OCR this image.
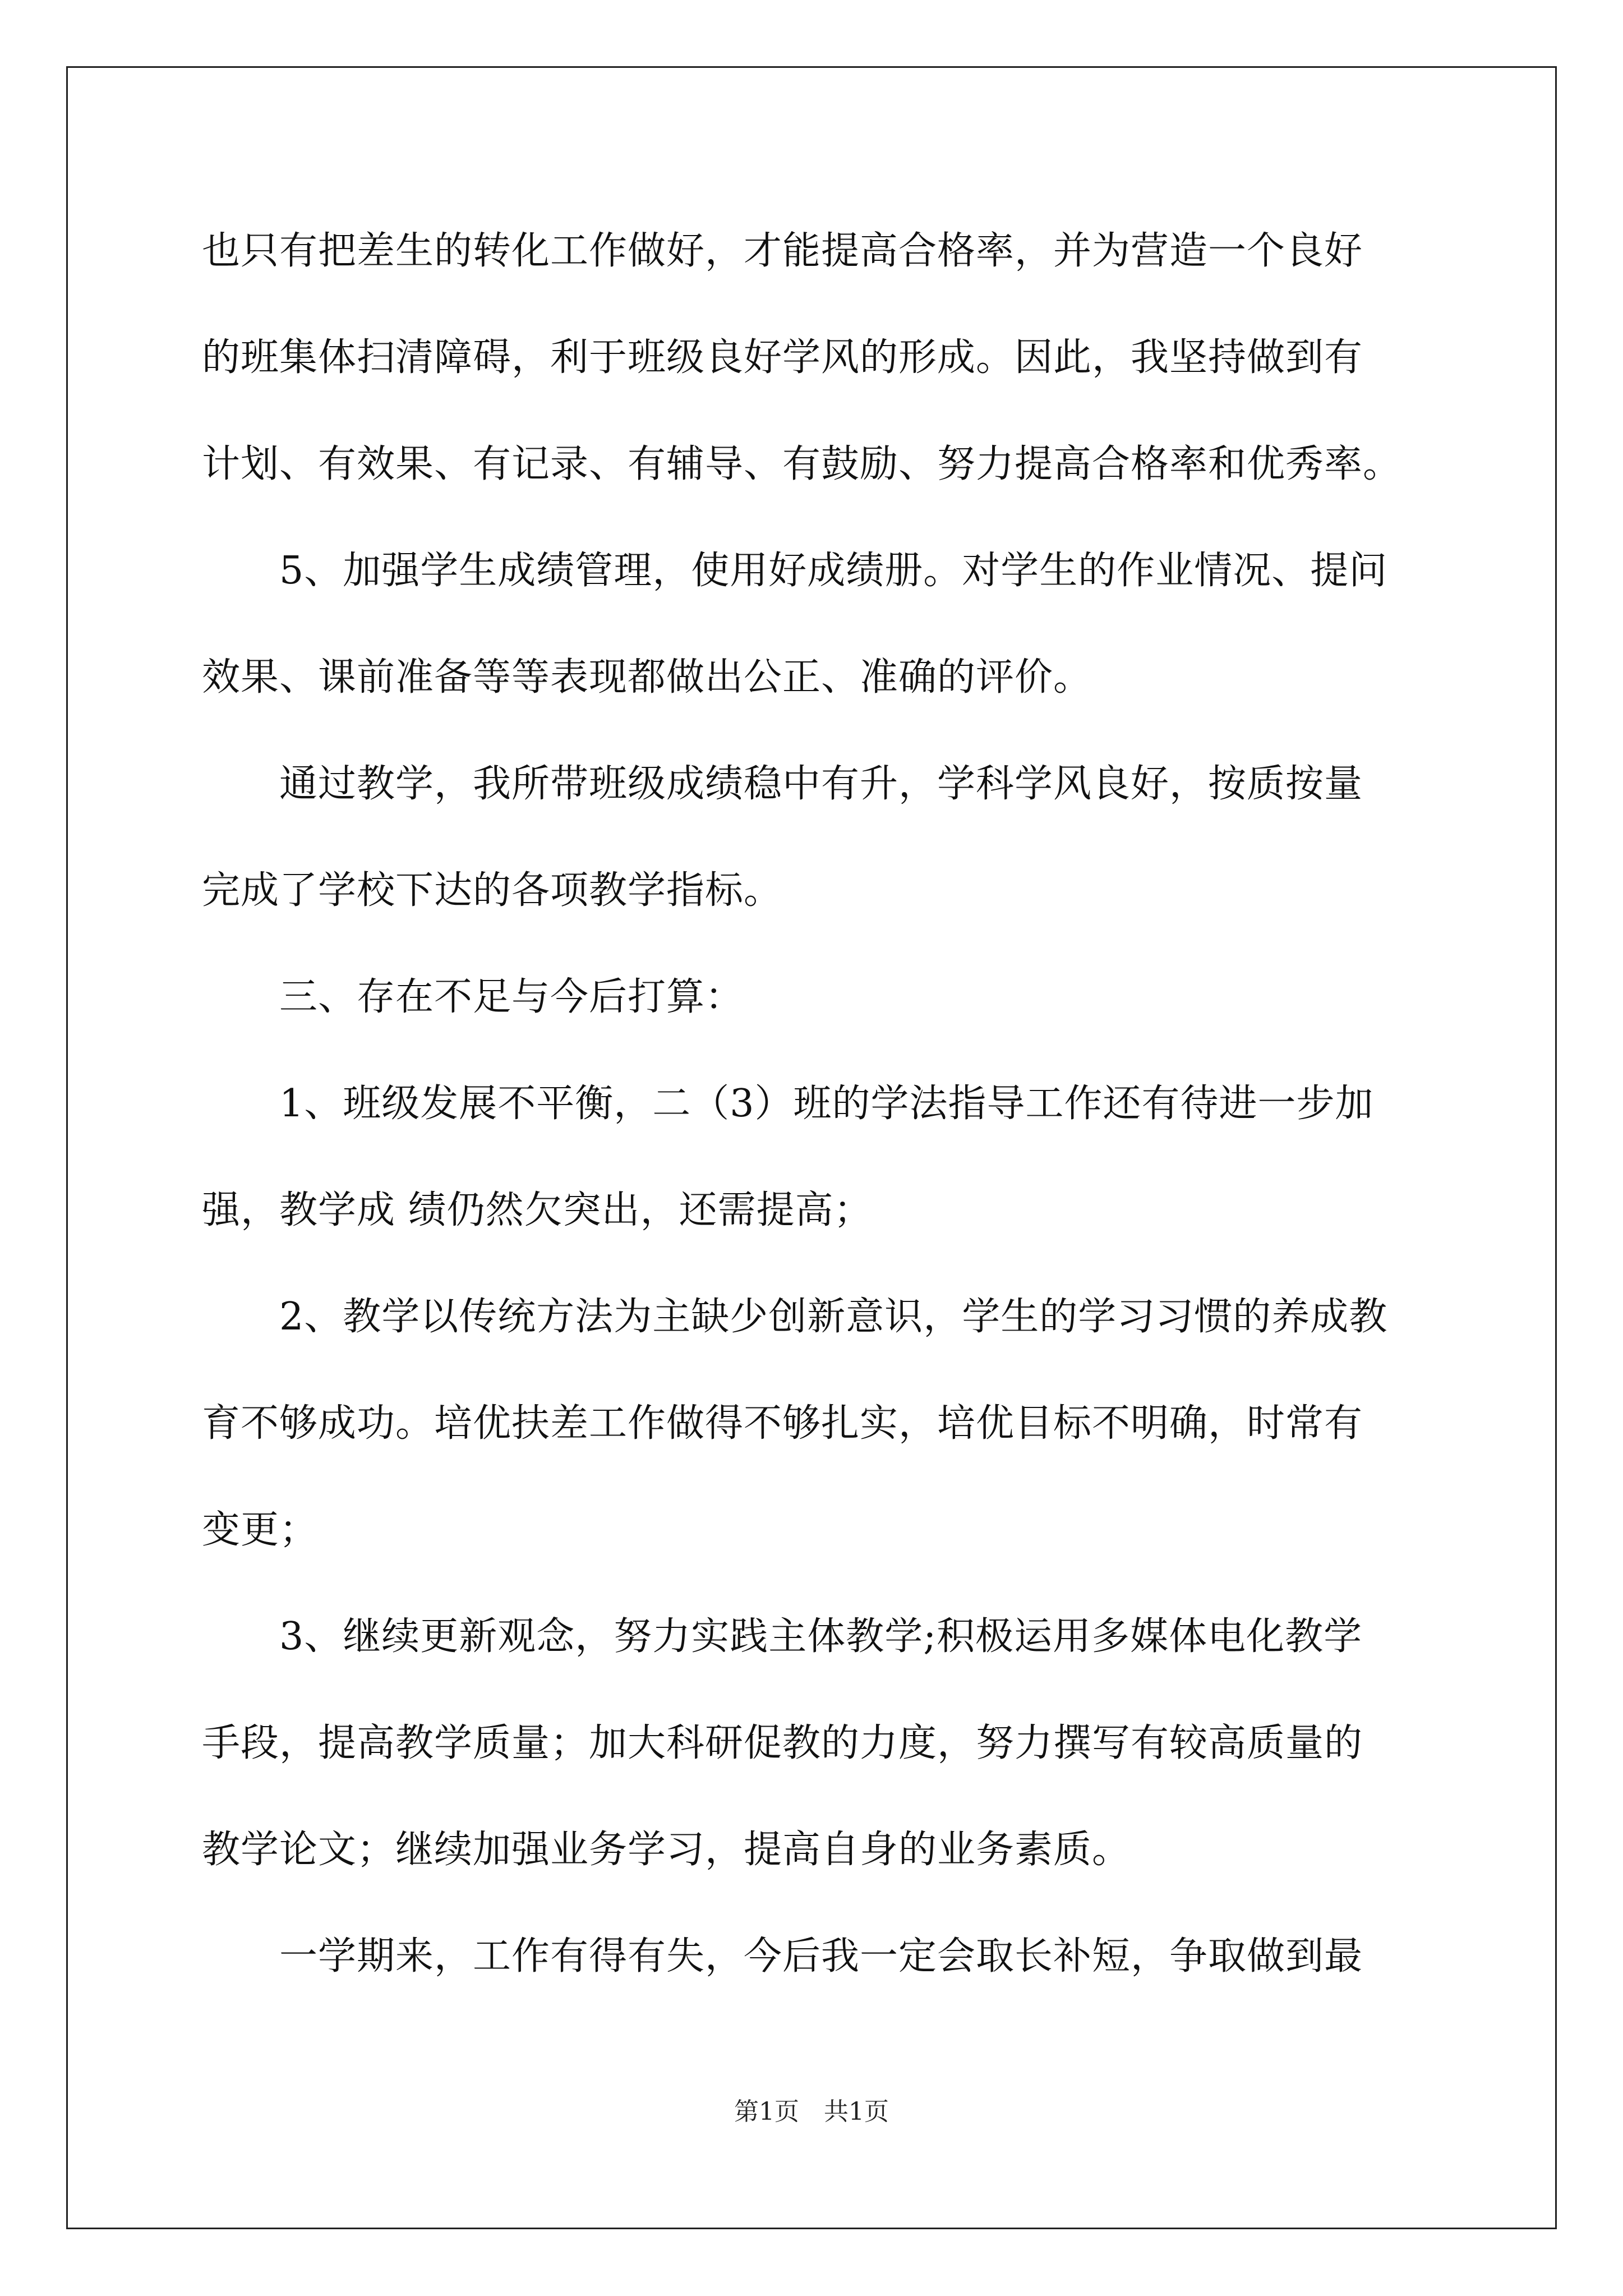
也只有把差生的转化工作做好，才能提高合格率，并为营造一个良好
的班集体扫清障碍，利于班级良好学风的形成。因此，我坚持做到有
计划、有效果、有记录、有辅导、有鼓励、努力提高合格率和优秀率。
5、加强学生成绩管理，使用好成绩册。对学生的作业情况、提问
效果、课前准备等等表现都做出公正、准确的评价。
通过教学，我所带班级成绩稳中有升，学科学风良好，按质按量
完成了学校下达的各项教学指标。
三、存在不足与今后打算：
1、班级发展不平衡，二（3）班的学法指导工作还有待进一步加
强，教学成 绩仍然欠突出，还需提高；
2、教学以传统方法为主缺少创新意识，学生的学习习惯的养成教
育不够成功。培优扶差工作做得不够扎实，培优目标不明确，时常有
变更；
3、继续更新观念，努力实践主体教学;积极运用多媒体电化教学
手段，提高教学质量；加大科研促教的力度，努力撰写有较高质量的
教学论文；继续加强业务学习，提高自身的业务素质。
一学期来，工作有得有失，今后我一定会取长补短，争取做到最
第1页　共1页
